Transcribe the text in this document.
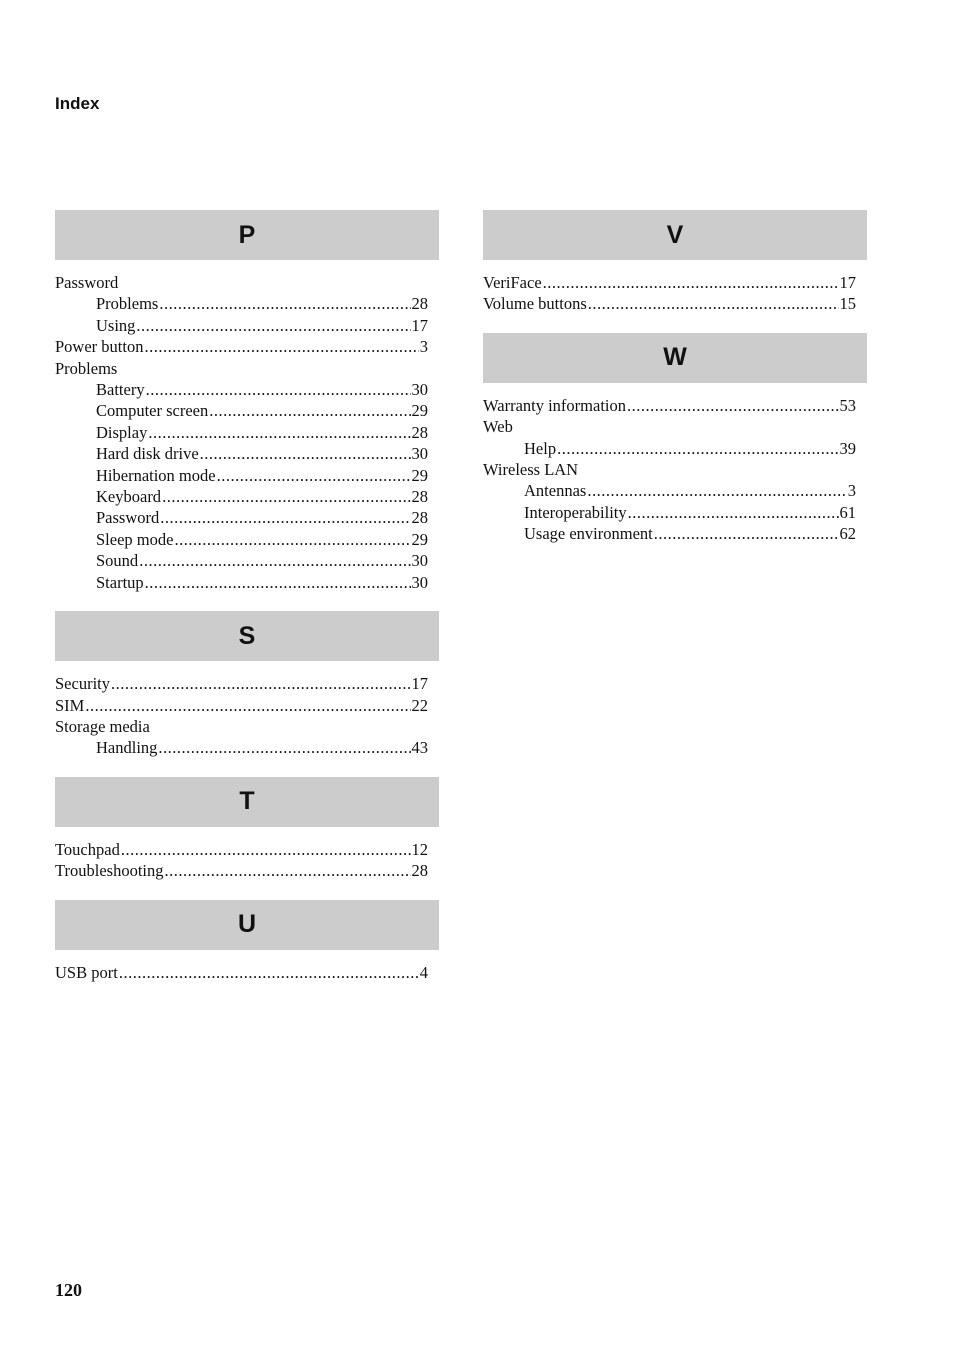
Index
P
Password
Problems .....	28
Using .....	17
Power button .....	3
Problems
Battery .....	30
Computer screen .....	29
Display .....	28
Hard disk drive .....	30
Hibernation mode .....	29
Keyboard .....	28
Password .....	28
Sleep mode .....	29
Sound .....	30
Startup .....	30
S
Security .....	17
SIM .....	22
Storage media
Handling .....	43
T
Touchpad .....	12
Troubleshooting .....	28
U
USB port .....	4
V
VeriFace .....	17
Volume buttons .....	15
W
Warranty information .....	53
Web
Help .....	39
Wireless LAN
Antennas .....	3
Interoperability .....	61
Usage environment .....	62
120
